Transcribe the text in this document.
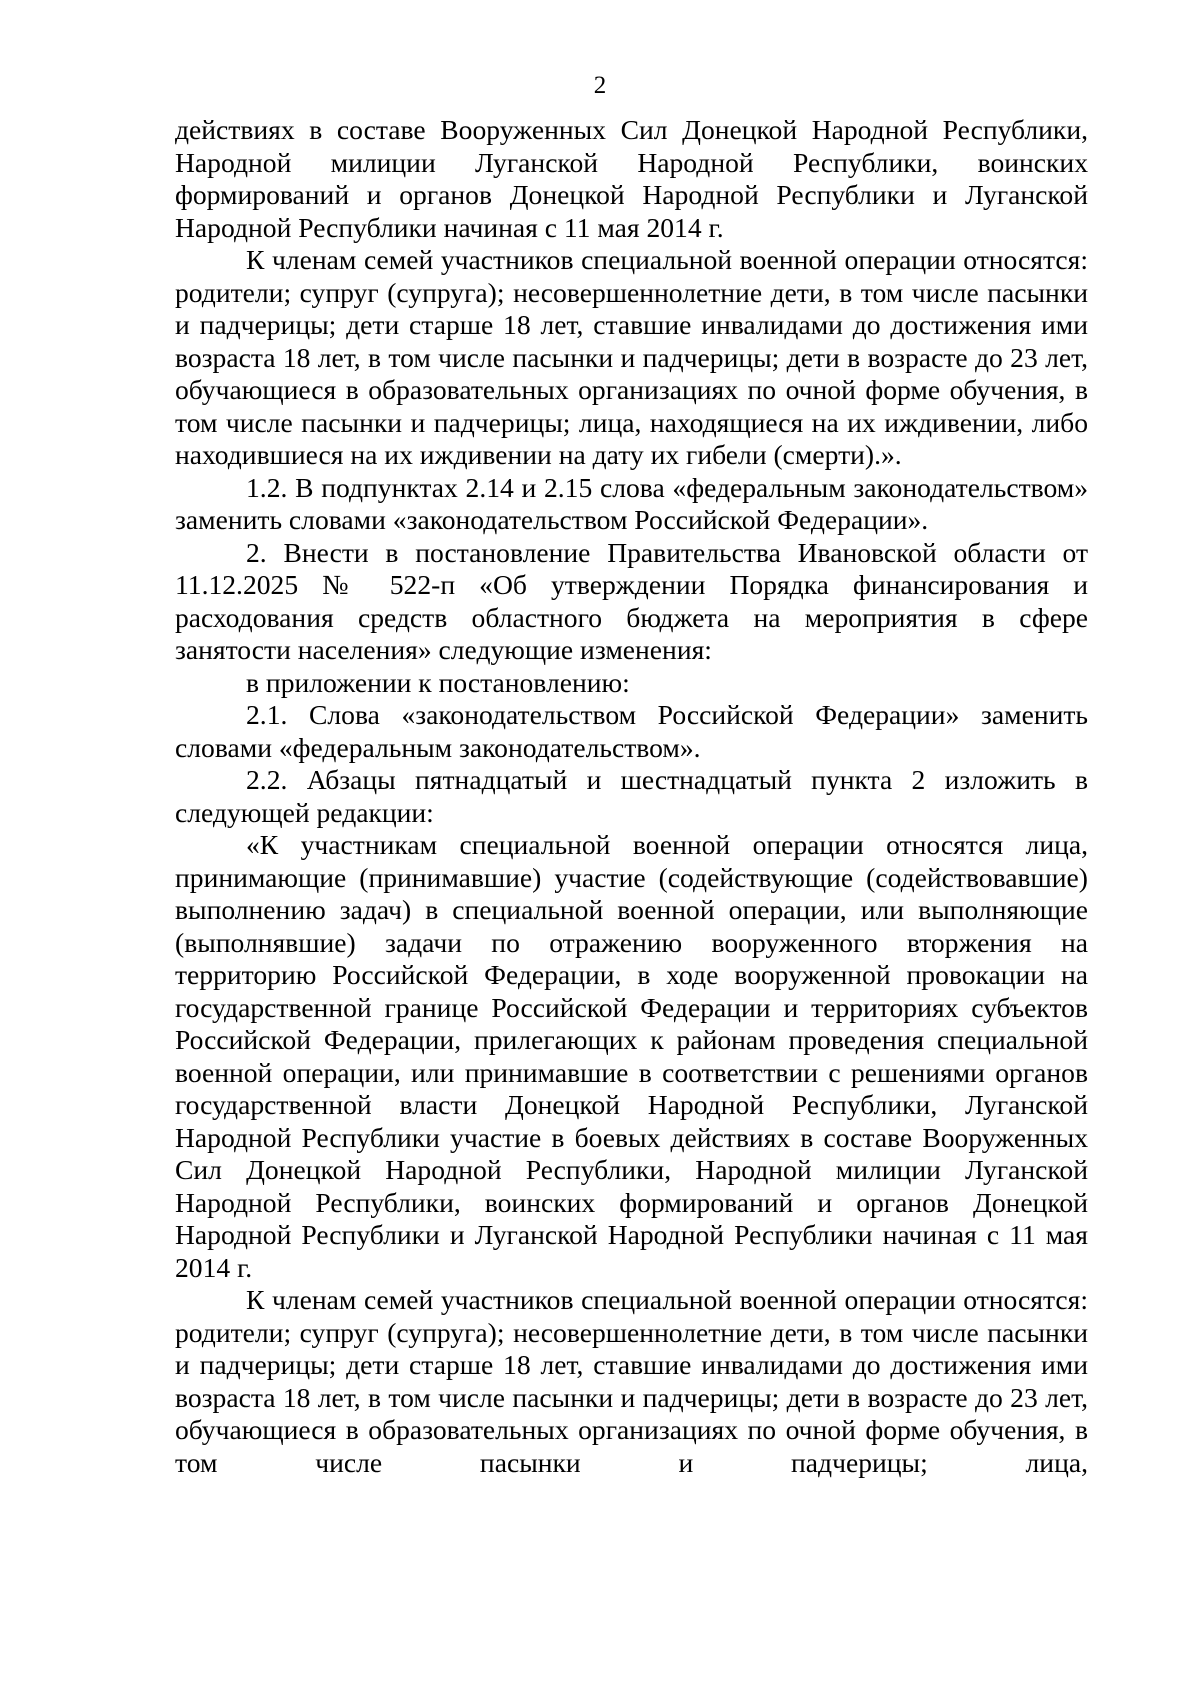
2

действиях в составе Вооруженных Сил Донецкой Народной Республики, Народной милиции Луганской Народной Республики, воинских формирований и органов Донецкой Народной Республики и Луганской Народной Республики начиная с 11 мая 2014 г.

К членам семей участников специальной военной операции относятся: родители; супруг (супруга); несовершеннолетние дети, в том числе пасынки и падчерицы; дети старше 18 лет, ставшие инвалидами до достижения ими возраста 18 лет, в том числе пасынки и падчерицы; дети в возрасте до 23 лет, обучающиеся в образовательных организациях по очной форме обучения, в том числе пасынки и падчерицы; лица, находящиеся на их иждивении, либо находившиеся на их иждивении на дату их гибели (смерти).».

1.2. В подпунктах 2.14 и 2.15 слова «федеральным законодательством» заменить словами «законодательством Российской Федерации».

2. Внести в постановление Правительства Ивановской области от 11.12.2025 № 522-п «Об утверждении Порядка финансирования и расходования средств областного бюджета на мероприятия в сфере занятости населения» следующие изменения:

в приложении к постановлению:

2.1. Слова «законодательством Российской Федерации» заменить словами «федеральным законодательством».

2.2. Абзацы пятнадцатый и шестнадцатый пункта 2 изложить в следующей редакции:

«К участникам специальной военной операции относятся лица, принимающие (принимавшие) участие (содействующие (содействовавшие) выполнению задач) в специальной военной операции, или выполняющие (выполнявшие) задачи по отражению вооруженного вторжения на территорию Российской Федерации, в ходе вооруженной провокации на государственной границе Российской Федерации и территориях субъектов Российской Федерации, прилегающих к районам проведения специальной военной операции, или принимавшие в соответствии с решениями органов государственной власти Донецкой Народной Республики, Луганской Народной Республики участие в боевых действиях в составе Вооруженных Сил Донецкой Народной Республики, Народной милиции Луганской Народной Республики, воинских формирований и органов Донецкой Народной Республики и Луганской Народной Республики начиная с 11 мая 2014 г.

К членам семей участников специальной военной операции относятся: родители; супруг (супруга); несовершеннолетние дети, в том числе пасынки и падчерицы; дети старше 18 лет, ставшие инвалидами до достижения ими возраста 18 лет, в том числе пасынки и падчерицы; дети в возрасте до 23 лет, обучающиеся в образовательных организациях по очной форме обучения, в том числе пасынки и падчерицы; лица,
